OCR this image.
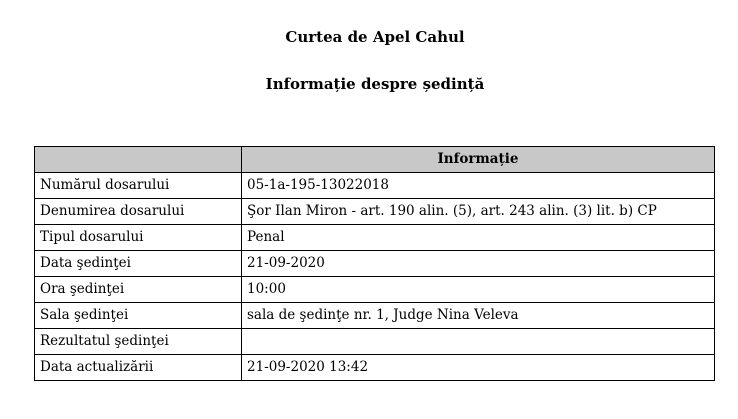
Curtea de Apel Cahul
Informație despre ședință
	Informație
Numărul dosarului	05-1a-195-13022018
Denumirea dosarului	Şor Ilan Miron - art. 190 alin. (5), art. 243 alin. (3) lit. b) CP
Tipul dosarului	Penal
Data şedinţei	21-09-2020
Ora şedinţei	10:00
Sala şedinţei	sala de şedinţe nr. 1, Judge Nina Veleva
Rezultatul şedinţei	
Data actualizării	21-09-2020 13:42
